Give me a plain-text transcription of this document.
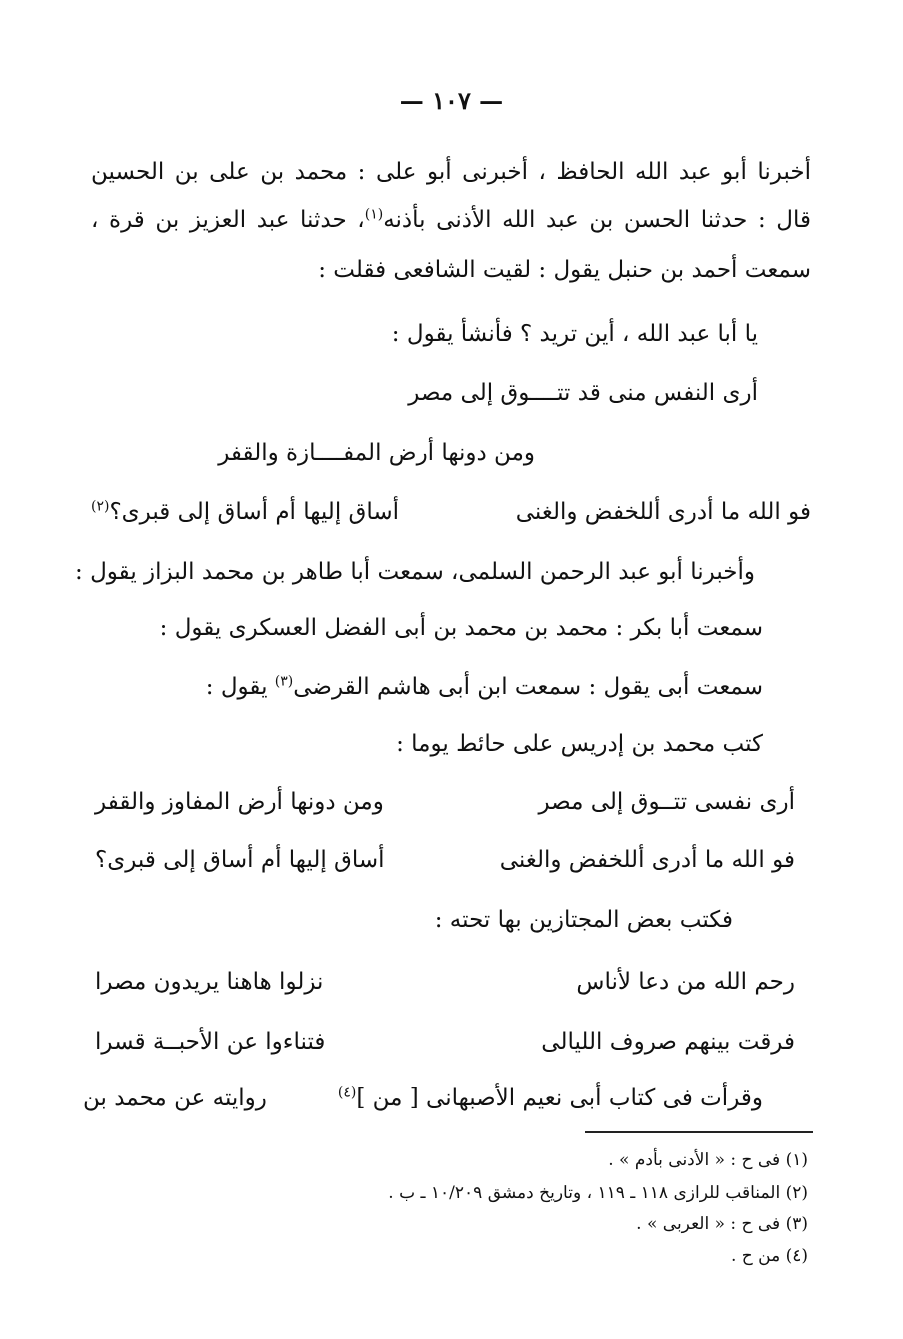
— ١٠٧ —
أخبرنا أبو عبد الله الحافظ ، أخبرنى أبو على : محمد بن على بن الحسين
قال : حدثنا الحسن بن عبد الله الأذنى بأذنه$^{(١)}$، حدثنا عبد العزيز بن قرة ،
سمعت أحمد بن حنبل يقول : لقيت الشافعى فقلت :
يا أبا عبد الله ، أين تريد ؟ فأنشأ يقول :
أرى النفس منى قد تتــــوق إلى مصر
ومن دونها أرض المفــــازة والقفر
فو الله ما أدرى أللخفض والغنى
أساق إليها أم أساق إلى قبرى؟$^{(٢)}$
وأخبرنا أبو عبد الرحمن السلمى، سمعت أبا طاهر بن محمد البزاز يقول :
سمعت أبا بكر : محمد بن محمد بن أبى الفضل العسكرى يقول :
سمعت أبى يقول : سمعت ابن أبى هاشم القرضى$^{(٣)}$ يقول :
كتب محمد بن إدريس على حائط يوما :
أرى نفسى تتــوق إلى مصر
ومن دونها أرض المفاوز والقفر
فو الله ما أدرى أللخفض والغنى
أساق إليها أم أساق إلى قبرى؟
فكتب بعض المجتازين بها تحته :
رحم الله من دعا لأناس
نزلوا هاهنا يريدون مصرا
فرقت بينهم صروف الليالى
فتناءوا عن الأحبــة قسرا
وقرأت فى كتاب أبى نعيم الأصبهانى [ من ]$^{(٤)}$
روايته عن محمد بن
(١) فى ح : « الأدنى بأدم » .
(٢) المناقب للرازى ١١٨ ـ ١١٩ ، وتاريخ دمشق ١٠/٢٠٩ ـ ب .
(٣) فى ح : « العربى » .
(٤) من ح .
